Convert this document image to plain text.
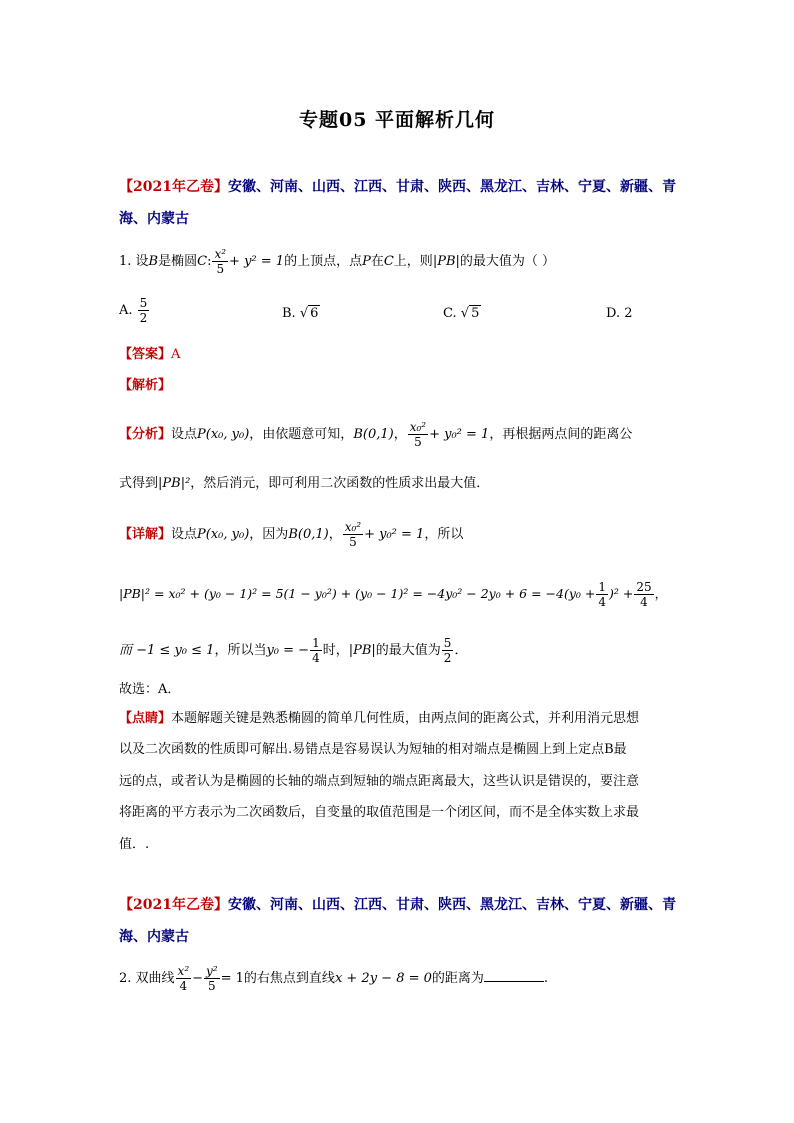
专题05 平面解析几何
【2021年乙卷】安徽、河南、山西、江西、甘肃、陕西、黑龙江、吉林、宁夏、新疆、青
海、内蒙古
1. 设B是椭圆C: $\frac{\text{x²}}{5} + y^2 = 1$的上顶点，点P在C上，则|PB|的最大值为（ ）
A. $\frac{5}{2}$	B. √ 6	C. √ 5	D. 2
【答案】A
【解析】
【分析】设点P(x₀, y₀)，由依题意可知，B(0,1)， $\frac{\text{x₀²}}{5} + y_0^2 = 1$，再根据两点间的距离公
式得到|PB|²，然后消元，即可利用二次函数的性质求出最大值．
【详解】设点P(x₀, y₀)，因为B(0,1)， $\frac{\text{x₀²}}{5} + y_0^2 = 1$，所以
$|PB|^2 = x_0^2 + (y_0 - 1)^2 = 5(1 - y_0^2) + (y_0 - 1)^2 = -4y_0^2 - 2y_0 + 6 = -4(y_0 + \frac{1}{4} )^2 + \frac{25}{4}$ ，
而 −1 ≤ y₀ ≤ 1，所以当y₀ = − $\frac{1}{4}$ 时，|PB|的最大值为 $\frac{5}{2}$ ．
故选：A．
【点睛】本题解题关键是熟悉椭圆的简单几何性质，由两点间的距离公式，并利用消元思想
以及二次函数的性质即可解出.易错点是容易误认为短轴的相对端点是椭圆上到上定点B最
远的点，或者认为是椭圆的长轴的端点到短轴的端点距离最大，这些认识是错误的，要注意
将距离的平方表示为二次函数后，自变量的取值范围是一个闭区间，而不是全体实数上求最
值．.
【2021年乙卷】安徽、河南、山西、江西、甘肃、陕西、黑龙江、吉林、宁夏、新疆、青
海、内蒙古
2. 双曲线 $\frac{\text{x²}}{4} - \frac{\text{y²}}{5} = 1$的右焦点到直线x + 2y − 8 = 0的距离为	.
